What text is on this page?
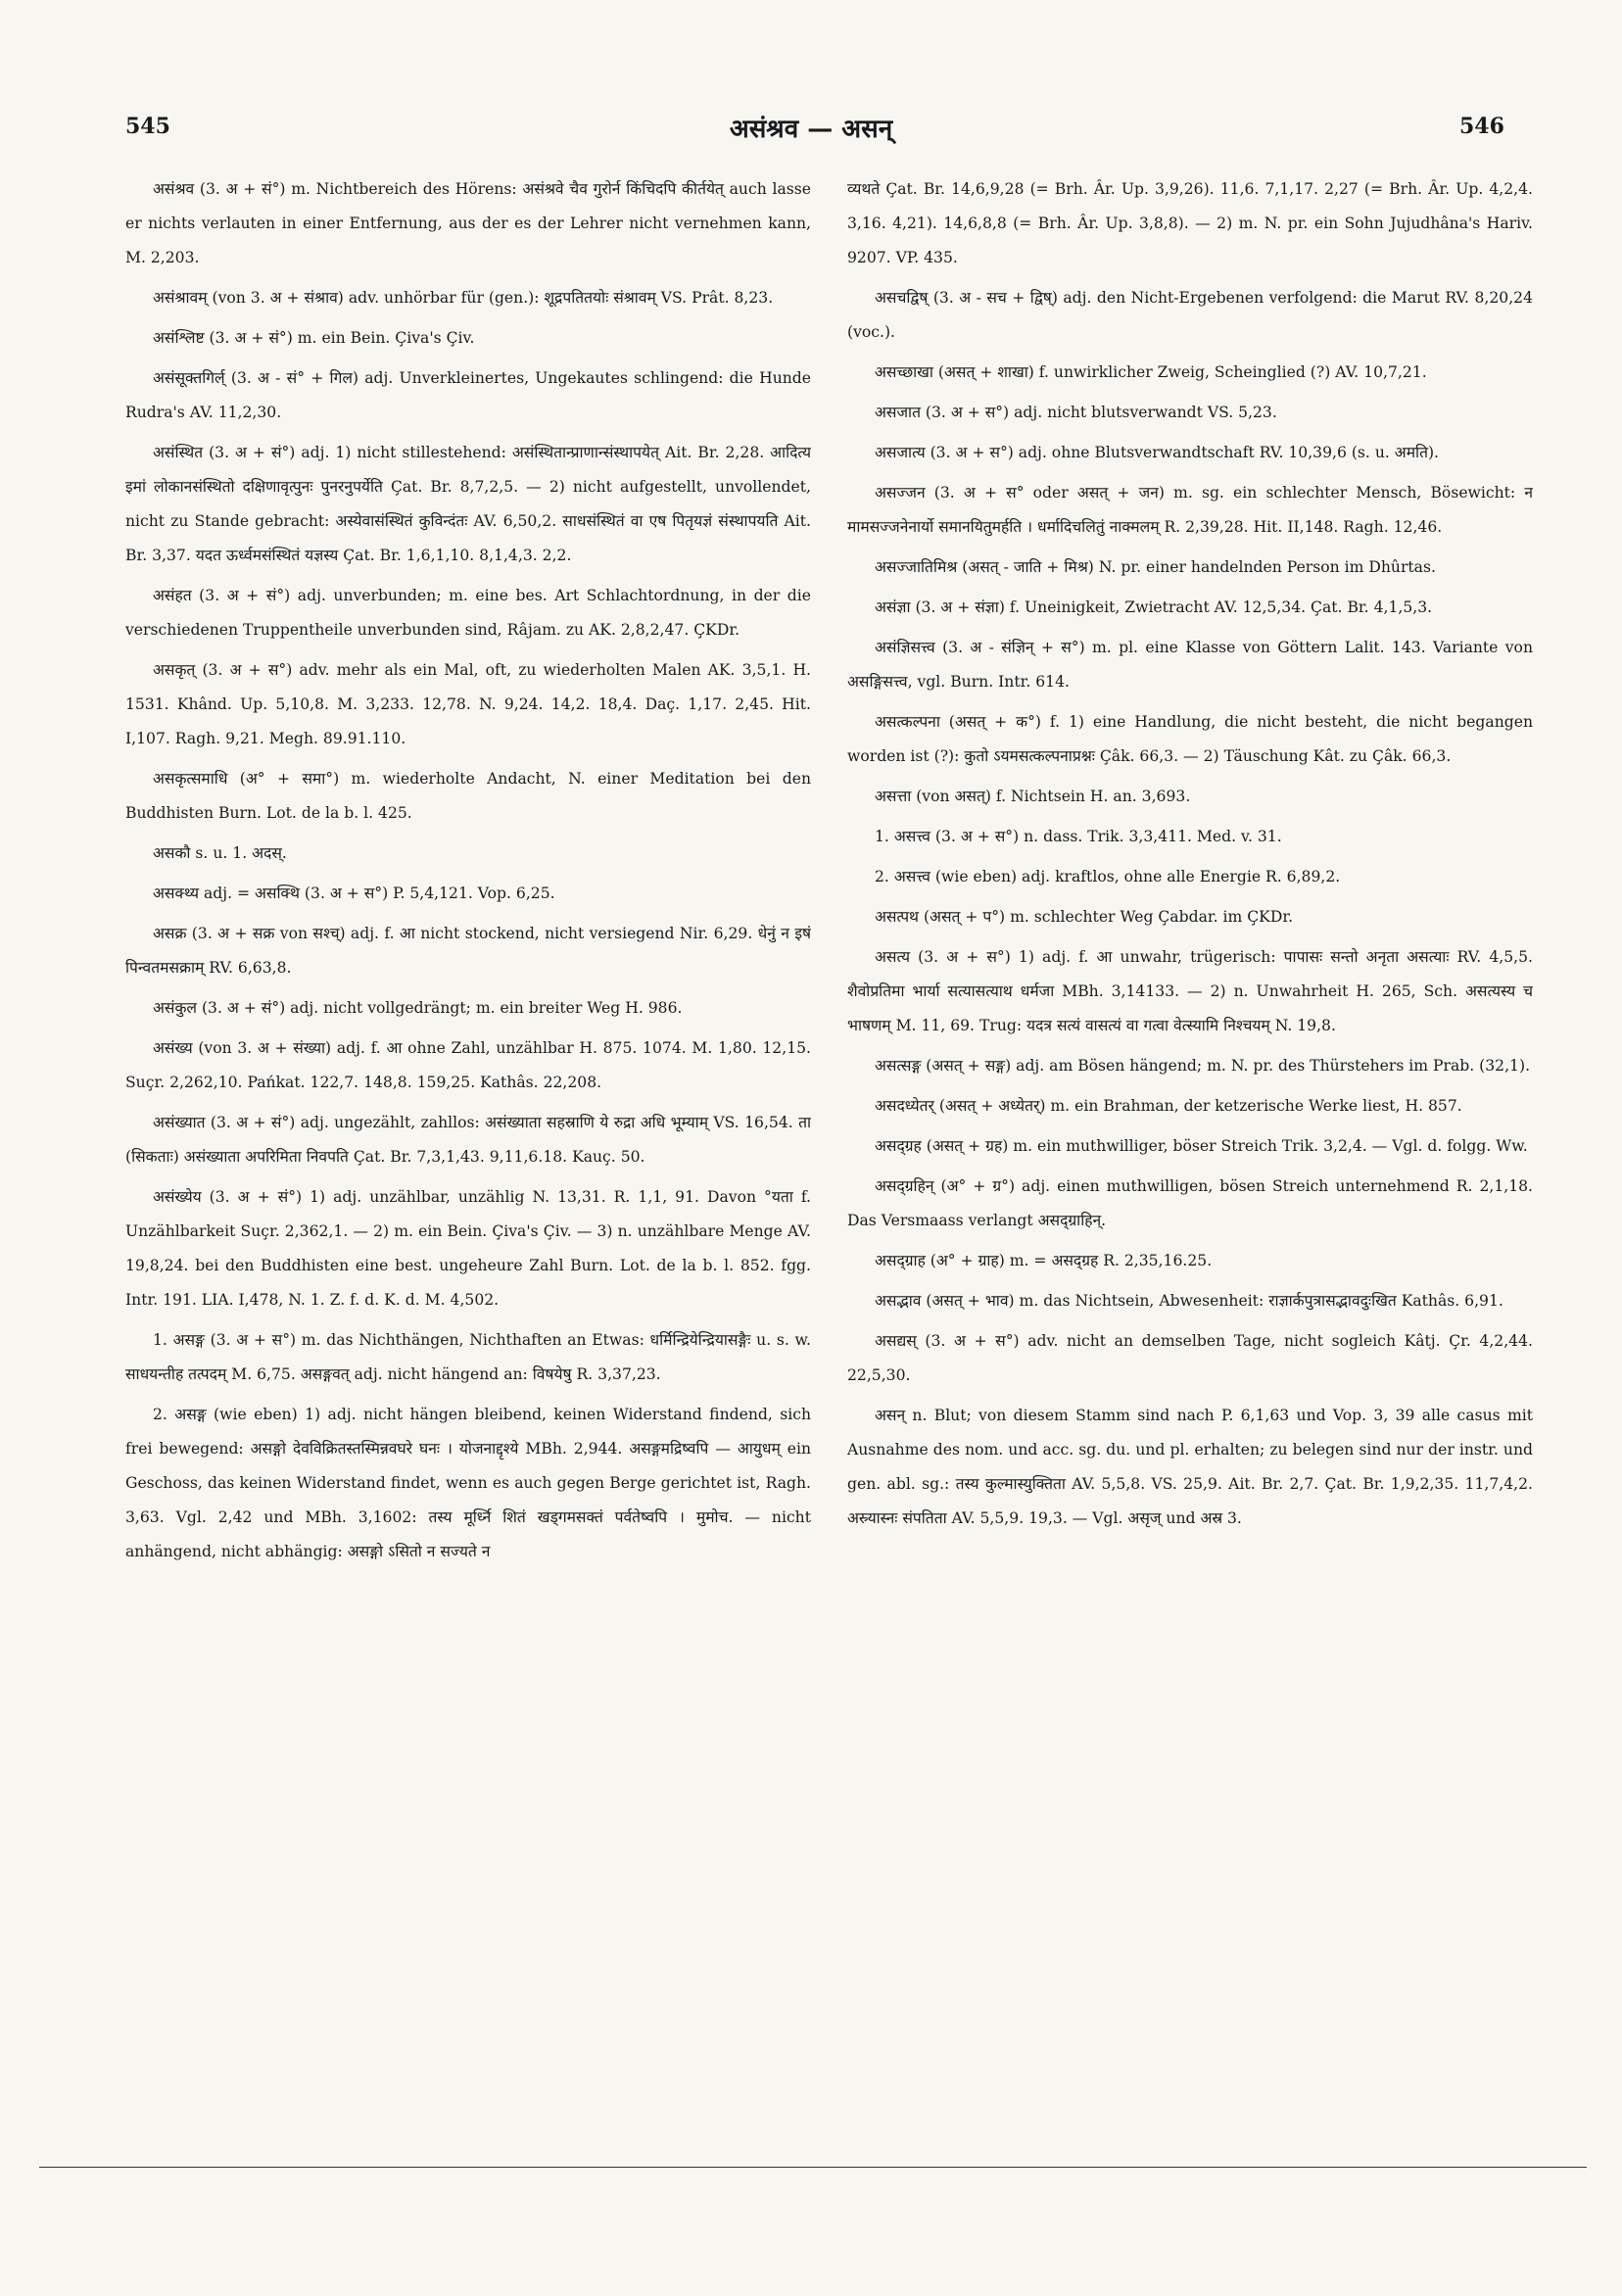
545	असंश्रव — असन्	546

असंश्रव (3. अ + सं°) m. Nichtbereich des Hörens: असंश्रवे चैव गुरोर्न किंचिदपि कीर्तयेत् auch lasse er nichts verlauten in einer Entfernung, aus der es der Lehrer nicht vernehmen kann, M. 2,203.

असंश्रावम् (von 3. अ + संश्राव) adv. unhörbar für (gen.): शूद्रपतितयोः संश्रावम् VS. Prât. 8,23.

असंश्लिष्ट (3. अ + सं°) m. ein Bein. Çiva's Çiv.

असंसूक्तगिर्ल् (3. अ - सं° + गिल) adj. Unverkleinertes, Ungekautes schlingend: die Hunde Rudra's AV. 11,2,30.

असंस्थित (3. अ + सं°) adj. 1) nicht stillestehend: असंस्थितान्प्राणान्संस्थापयेत् Ait. Br. 2,28. आदित्य इमां लोकानसंस्थितो दक्षिणावृत्पुनः पुनरनुपर्येति Çat. Br. 8,7,2,5. — 2) nicht aufgestellt, unvollendet, nicht zu Stande gebracht: अस्येवासंस्थितं कुविन्दंतः AV. 6,50,2. साधसंस्थितं वा एष पितृयज्ञं संस्थापयति Ait. Br. 3,37. यदत ऊर्ध्वमसंस्थितं यज्ञस्य Çat. Br. 1,6,1,10. 8,1,4,3. 2,2.

असंहत (3. अ + सं°) adj. unverbunden; m. eine bes. Art Schlachtordnung, in der die verschiedenen Truppentheile unverbunden sind, Râjam. zu AK. 2,8,2,47. ÇKDr.

असकृत् (3. अ + स°) adv. mehr als ein Mal, oft, zu wiederholten Malen AK. 3,5,1. H. 1531. Khând. Up. 5,10,8. M. 3,233. 12,78. N. 9,24. 14,2. 18,4. Daç. 1,17. 2,45. Hit. I,107. Ragh. 9,21. Megh. 89.91.110.

असकृत्समाधि (अ° + समा°) m. wiederholte Andacht, N. einer Meditation bei den Buddhisten Burn. Lot. de la b. l. 425.

असकौ s. u. 1. अदस्.

असक्थ्य adj. = असक्थि (3. अ + स°) P. 5,4,121. Vop. 6,25.

असक्र (3. अ + सक्र von सश्च्) adj. f. आ nicht stockend, nicht versiegend Nir. 6,29. धेनुं न इषं पिन्वतमसक्राम् RV. 6,63,8.

असंकुल (3. अ + सं°) adj. nicht vollgedrängt; m. ein breiter Weg H. 986.

असंख्य (von 3. अ + संख्या) adj. f. आ ohne Zahl, unzählbar H. 875. 1074. M. 1,80. 12,15. Suçr. 2,262,10. Pańkat. 122,7. 148,8. 159,25. Kathâs. 22,208.

असंख्यात (3. अ + सं°) adj. ungezählt, zahllos: असंख्याता सहस्राणि ये रुद्रा अधि भूम्याम् VS. 16,54. ता (सिकताः) असंख्याता अपरिमिता निवपति Çat. Br. 7,3,1,43. 9,11,6.18. Kauç. 50.

असंख्येय (3. अ + सं°) 1) adj. unzählbar, unzählig N. 13,31. R. 1,1, 91. Davon °यता f. Unzählbarkeit Suçr. 2,362,1. — 2) m. ein Bein. Çiva's Çiv. — 3) n. unzählbare Menge AV. 19,8,24. bei den Buddhisten eine best. ungeheure Zahl Burn. Lot. de la b. l. 852. fgg. Intr. 191. LIA. I,478, N. 1. Z. f. d. K. d. M. 4,502.

1. असङ्ग (3. अ + स°) m. das Nichthängen, Nichthaften an Etwas: धर्मिन्द्रियेन्द्रियासङ्गैः u. s. w. साधयन्तीह तत्पदम् M. 6,75. असङ्गवत् adj. nicht hängend an: विषयेषु R. 3,37,23.

2. असङ्ग (wie eben) 1) adj. nicht hängen bleibend, keinen Widerstand findend, sich frei bewegend: असङ्गो देवविक्रितस्तस्मिन्नवघरे घनः । योजनाद्दृश्ये MBh. 2,944. असङ्गमद्रिष्वपि — आयुधम् ein Geschoss, das keinen Widerstand findet, wenn es auch gegen Berge gerichtet ist, Ragh. 3,63. Vgl. 2,42 und MBh. 3,1602: तस्य मूर्ध्नि शितं खड्गमसक्तं पर्वतेष्वपि । मुमोच. — nicht anhängend, nicht abhängig: असङ्गो ऽसितो न सज्यते न

व्यथते Çat. Br. 14,6,9,28 (= Brh. Âr. Up. 3,9,26). 11,6. 7,1,17. 2,27 (= Brh. Âr. Up. 4,2,4. 3,16. 4,21). 14,6,8,8 (= Brh. Âr. Up. 3,8,8). — 2) m. N. pr. ein Sohn Jujudhâna's Hariv. 9207. VP. 435.

असचद्विष् (3. अ - सच + द्विष्) adj. den Nicht-Ergebenen verfolgend: die Marut RV. 8,20,24 (voc.).

असच्छाखा (असत् + शाखा) f. unwirklicher Zweig, Scheinglied (?) AV. 10,7,21.

असजात (3. अ + स°) adj. nicht blutsverwandt VS. 5,23.

असजात्य (3. अ + स°) adj. ohne Blutsverwandtschaft RV. 10,39,6 (s. u. अमति).

असज्जन (3. अ + स° oder असत् + जन) m. sg. ein schlechter Mensch, Bösewicht: न मामसज्जनेनार्यो समानयितुमर्हति । धर्मादिचलितुं नाक्मलम् R. 2,39,28. Hit. II,148. Ragh. 12,46.

असज्जातिमिश्र (असत् - जाति + मिश्र) N. pr. einer handelnden Person im Dhûrtas.

असंज्ञा (3. अ + संज्ञा) f. Uneinigkeit, Zwietracht AV. 12,5,34. Çat. Br. 4,1,5,3.

असंज्ञिसत्त्व (3. अ - संज्ञिन् + स°) m. pl. eine Klasse von Göttern Lalit. 143. Variante von असङ्गिसत्त्व, vgl. Burn. Intr. 614.

असत्कल्पना (असत् + क°) f. 1) eine Handlung, die nicht besteht, die nicht begangen worden ist (?): कुतो ऽयमसत्कल्पनाप्रश्नः Çâk. 66,3. — 2) Täuschung Kât. zu Çâk. 66,3.

असत्ता (von असत्) f. Nichtsein H. an. 3,693.

1. असत्त्व (3. अ + स°) n. dass. Trik. 3,3,411. Med. v. 31.

2. असत्त्व (wie eben) adj. kraftlos, ohne alle Energie R. 6,89,2.

असत्पथ (असत् + प°) m. schlechter Weg Çabdar. im ÇKDr.

असत्य (3. अ + स°) 1) adj. f. आ unwahr, trügerisch: पापासः सन्तो अनृता असत्याः RV. 4,5,5. शैवोप्रतिमा भार्या सत्यासत्याथ धर्मजा MBh. 3,14133. — 2) n. Unwahrheit H. 265, Sch. असत्यस्य च भाषणम् M. 11, 69. Trug: यदत्र सत्यं वासत्यं वा गत्वा वेत्स्यामि निश्चयम् N. 19,8.

असत्सङ्ग (असत् + सङ्ग) adj. am Bösen hängend; m. N. pr. des Thürstehers im Prab. (32,1).

असदध्येतर् (असत् + अध्येतर्) m. ein Brahman, der ketzerische Werke liest, H. 857.

असद्ग्रह (असत् + ग्रह) m. ein muthwilliger, böser Streich Trik. 3,2,4. — Vgl. d. folgg. Ww.

असद्ग्रहिन् (अ° + ग्र°) adj. einen muthwilligen, bösen Streich unternehmend R. 2,1,18. Das Versmaass verlangt असद्ग्राहिन्.

असद्ग्राह (अ° + ग्राह) m. = असद्ग्रह R. 2,35,16.25.

असद्भाव (असत् + भाव) m. das Nichtsein, Abwesenheit: राज्ञार्कपुत्रासद्भावदुःखित Kathâs. 6,91.

असद्यस् (3. अ + स°) adv. nicht an demselben Tage, nicht sogleich Kâtj. Çr. 4,2,44. 22,5,30.

असन् n. Blut; von diesem Stamm sind nach P. 6,1,63 und Vop. 3, 39 alle casus mit Ausnahme des nom. und acc. sg. du. und pl. erhalten; zu belegen sind nur der instr. und gen. abl. sg.: तस्य कुल्मास्युक्तिता AV. 5,5,8. VS. 25,9. Ait. Br. 2,7. Çat. Br. 1,9,2,35. 11,7,4,2. अस्र्यास्नः संपतिता AV. 5,5,9. 19,3. — Vgl. असृज् und अस्र 3.
